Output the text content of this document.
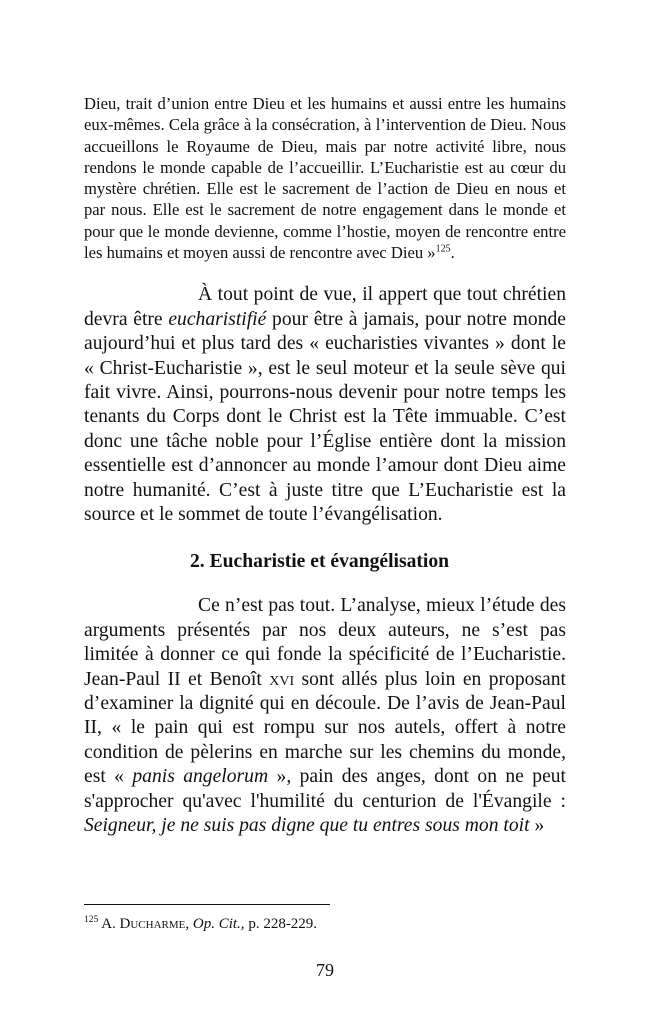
Dieu, trait d’union entre Dieu et les humains et aussi entre les humains eux-mêmes. Cela grâce à la consécration, à l’intervention de Dieu. Nous accueillons le Royaume de Dieu, mais par notre activité libre, nous rendons le monde capable de l’accueillir. L’Eucharistie est au cœur du mystère chrétien. Elle est le sacrement de l’action de Dieu en nous et par nous. Elle est le sacrement de notre engagement dans le monde et pour que le monde devienne, comme l’hostie, moyen de rencontre entre les humains et moyen aussi de rencontre avec Dieu »$^{125}$.

À tout point de vue, il appert que tout chrétien devra être eucharistifié pour être à jamais, pour notre monde aujourd’hui et plus tard des « eucharisties vivantes » dont le « Christ-Eucharistie », est le seul moteur et la seule sève qui fait vivre. Ainsi, pourrons-nous devenir pour notre temps les tenants du Corps dont le Christ est la Tête immuable. C’est donc une tâche noble pour l’Église entière dont la mission essentielle est d’annoncer au monde l’amour dont Dieu aime notre humanité. C’est à juste titre que L’Eucharistie est la source et le sommet de toute l’évangélisation.

2. Eucharistie et évangélisation

Ce n’est pas tout. L’analyse, mieux l’étude des arguments présentés par nos deux auteurs, ne s’est pas limitée à donner ce qui fonde la spécificité de l’Eucharistie. Jean-Paul II et Benoît xvi sont allés plus loin en proposant d’examiner la dignité qui en découle. De l’avis de Jean-Paul II, « le pain qui est rompu sur nos autels, offert à notre condition de pèlerins en marche sur les chemins du monde, est « panis angelorum », pain des anges, dont on ne peut s'approcher qu'avec l'humilité du centurion de l'Évangile : Seigneur, je ne suis pas digne que tu entres sous mon toit »

$^{125}$ A. Ducharme, Op. Cit., p. 228-229.
79
